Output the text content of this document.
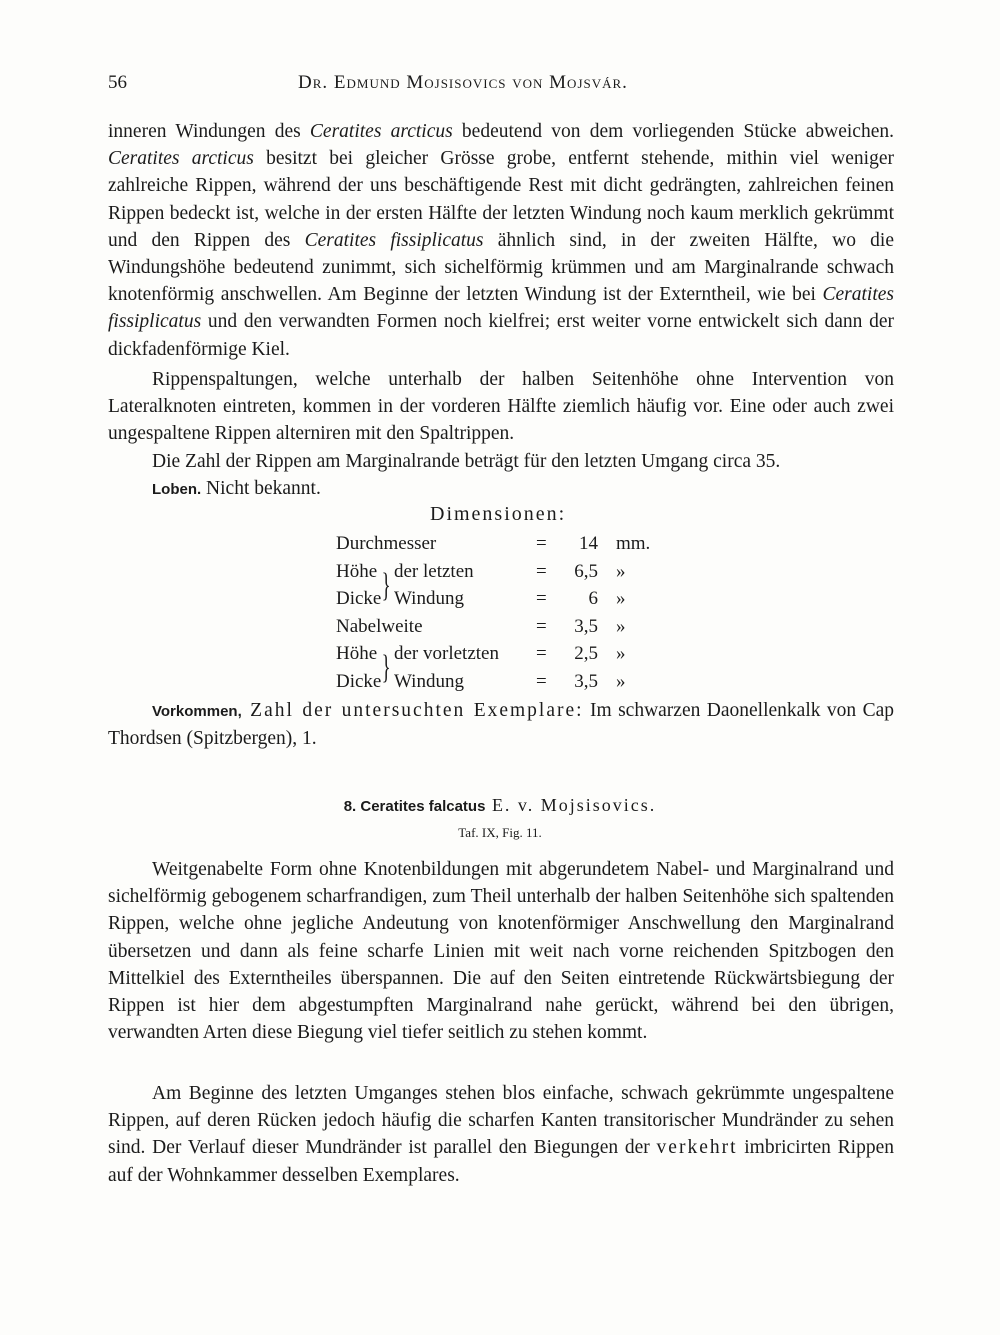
56	Dr. Edmund Mojsisovics von Mojsvár.

inneren Windungen des Ceratites arcticus bedeutend von dem vorliegenden Stücke abweichen. Ceratites arcticus besitzt bei gleicher Grösse grobe, entfernt stehende, mithin viel weniger zahlreiche Rippen, während der uns beschäftigende Rest mit dicht gedrängten, zahlreichen feinen Rippen bedeckt ist, welche in der ersten Hälfte der letzten Windung noch kaum merklich gekrümmt und den Rippen des Ceratites fissiplicatus ähnlich sind, in der zweiten Hälfte, wo die Windungshöhe bedeutend zunimmt, sich sichelförmig krümmen und am Marginalrande schwach knotenförmig anschwellen. Am Beginne der letzten Windung ist der Externtheil, wie bei Ceratites fissiplicatus und den verwandten Formen noch kielfrei; erst weiter vorne entwickelt sich dann der dickfadenförmige Kiel.

Rippenspaltungen, welche unterhalb der halben Seitenhöhe ohne Intervention von Lateralknoten eintreten, kommen in der vorderen Hälfte ziemlich häufig vor. Eine oder auch zwei ungespaltene Rippen alterniren mit den Spaltrippen.

Die Zahl der Rippen am Marginalrande beträgt für den letzten Umgang circa 35.

Loben. Nicht bekannt.

Dimensionen:
Durchmesser	=	14 mm.
Höhe } der letzten	=	6,5 »
Dicke Windung	=	6 »
Nabelweite	=	3,5 »
Höhe } der vorletzten =	2,5 »
Dicke Windung	=	3,5 »

Vorkommen, Zahl der untersuchten Exemplare: Im schwarzen Daonellenkalk von Cap Thordsen (Spitzbergen), 1.

8. Ceratites falcatus E. v. Mojsisovics.
Taf. IX, Fig. 11.

Weitgenabelte Form ohne Knotenbildungen mit abgerundetem Nabel- und Marginalrand und sichelförmig gebogenem scharfrandigen, zum Theil unterhalb der halben Seitenhöhe sich spaltenden Rippen, welche ohne jegliche Andeutung von knotenförmiger Anschwellung den Marginalrand übersetzen und dann als feine scharfe Linien mit weit nach vorne reichenden Spitzbogen den Mittelkiel des Externtheiles überspannen. Die auf den Seiten eintretende Rückwärtsbiegung der Rippen ist hier dem abgestumpften Marginalrand nahe gerückt, während bei den übrigen, verwandten Arten diese Biegung viel tiefer seitlich zu stehen kommt.

Am Beginne des letzten Umganges stehen blos einfache, schwach gekrümmte ungespaltene Rippen, auf deren Rücken jedoch häufig die scharfen Kanten transitorischer Mundränder zu sehen sind. Der Verlauf dieser Mundränder ist parallel den Biegungen der verkehrt imbricirten Rippen auf der Wohnkammer desselben Exemplares.
